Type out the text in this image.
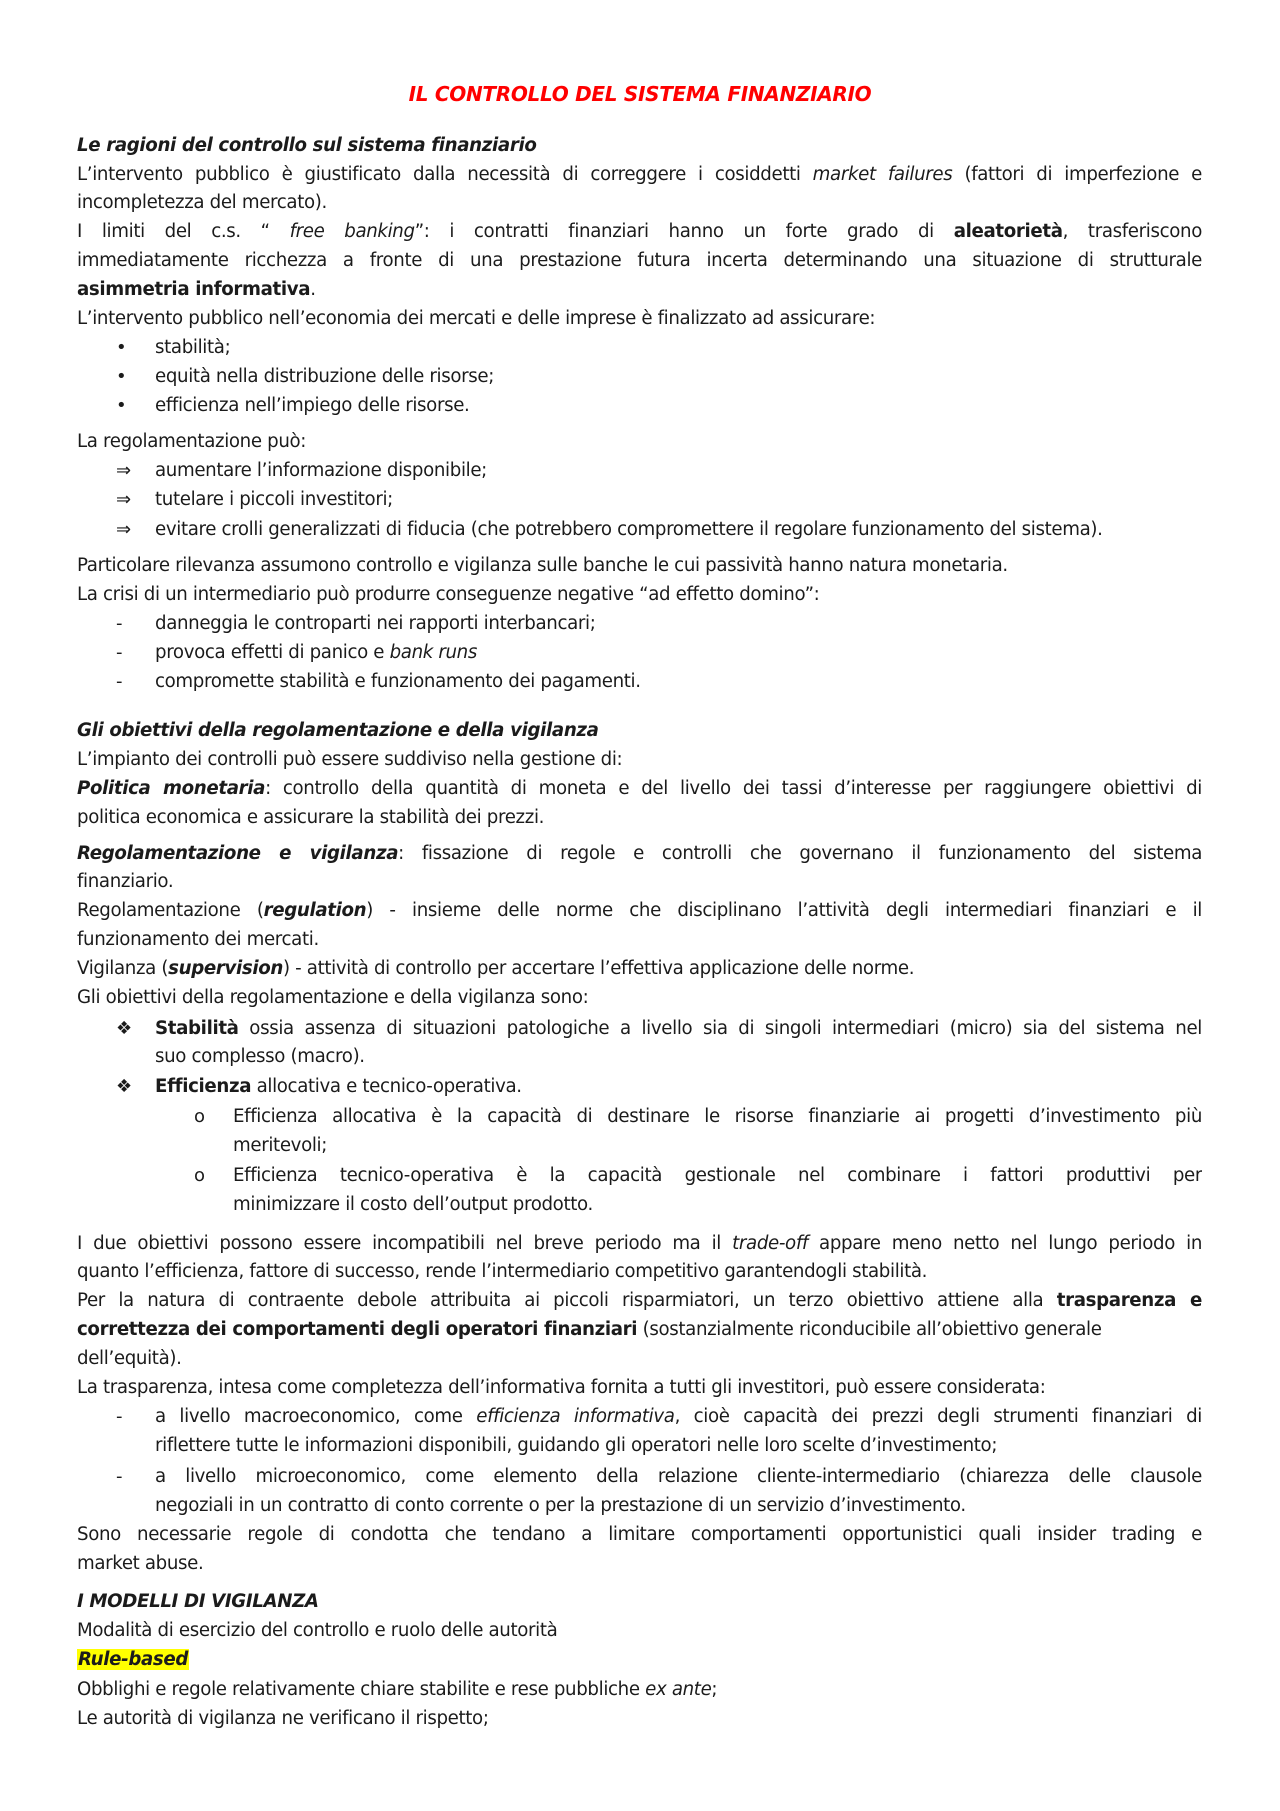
IL CONTROLLO DEL SISTEMA FINANZIARIO
Le ragioni del controllo sul sistema finanziario
L’intervento pubblico è giustificato dalla necessità di correggere i cosiddetti market failures (fattori di imperfezione e
incompletezza del mercato).
I limiti del c.s. “ free banking”: i contratti finanziari hanno un forte grado di aleatorietà, trasferiscono
immediatamente ricchezza a fronte di una prestazione futura incerta determinando una situazione di strutturale
asimmetria informativa.
L’intervento pubblico nell’economia dei mercati e delle imprese è finalizzato ad assicurare:
• stabilità;
• equità nella distribuzione delle risorse;
• efficienza nell’impiego delle risorse.
La regolamentazione può:
⇒ aumentare l’informazione disponibile;
⇒ tutelare i piccoli investitori;
⇒ evitare crolli generalizzati di fiducia (che potrebbero compromettere il regolare funzionamento del sistema).
Particolare rilevanza assumono controllo e vigilanza sulle banche le cui passività hanno natura monetaria.
La crisi di un intermediario può produrre conseguenze negative “ad effetto domino”:
- danneggia le controparti nei rapporti interbancari;
- provoca effetti di panico e bank runs
- compromette stabilità e funzionamento dei pagamenti.
Gli obiettivi della regolamentazione e della vigilanza
L’impianto dei controlli può essere suddiviso nella gestione di:
Politica monetaria: controllo della quantità di moneta e del livello dei tassi d’interesse per raggiungere obiettivi di
politica economica e assicurare la stabilità dei prezzi.
Regolamentazione e vigilanza: fissazione di regole e controlli che governano il funzionamento del sistema
finanziario.
Regolamentazione (regulation) - insieme delle norme che disciplinano l’attività degli intermediari finanziari e il
funzionamento dei mercati.
Vigilanza (supervision) - attività di controllo per accertare l’effettiva applicazione delle norme.
Gli obiettivi della regolamentazione e della vigilanza sono:
❖ Stabilità ossia assenza di situazioni patologiche a livello sia di singoli intermediari (micro) sia del sistema nel
suo complesso (macro).
❖ Efficienza allocativa e tecnico-operativa.
o Efficienza allocativa è la capacità di destinare le risorse finanziarie ai progetti d’investimento più
meritevoli;
o Efficienza tecnico-operativa è la capacità gestionale nel combinare i fattori produttivi per
minimizzare il costo dell’output prodotto.
I due obiettivi possono essere incompatibili nel breve periodo ma il trade-off appare meno netto nel lungo periodo in
quanto l’efficienza, fattore di successo, rende l’intermediario competitivo garantendogli stabilità.
Per la natura di contraente debole attribuita ai piccoli risparmiatori, un terzo obiettivo attiene alla trasparenza e
correttezza dei comportamenti degli operatori finanziari (sostanzialmente riconducibile all’obiettivo generale
dell’equità).
La trasparenza, intesa come completezza dell’informativa fornita a tutti gli investitori, può essere considerata:
- a livello macroeconomico, come efficienza informativa, cioè capacità dei prezzi degli strumenti finanziari di
riflettere tutte le informazioni disponibili, guidando gli operatori nelle loro scelte d’investimento;
- a livello microeconomico, come elemento della relazione cliente-intermediario (chiarezza delle clausole
negoziali in un contratto di conto corrente o per la prestazione di un servizio d’investimento.
Sono necessarie regole di condotta che tendano a limitare comportamenti opportunistici quali insider trading e
market abuse.
I MODELLI DI VIGILANZA
Modalità di esercizio del controllo e ruolo delle autorità
Rule-based
Obblighi e regole relativamente chiare stabilite e rese pubbliche ex ante;
Le autorità di vigilanza ne verificano il rispetto;
